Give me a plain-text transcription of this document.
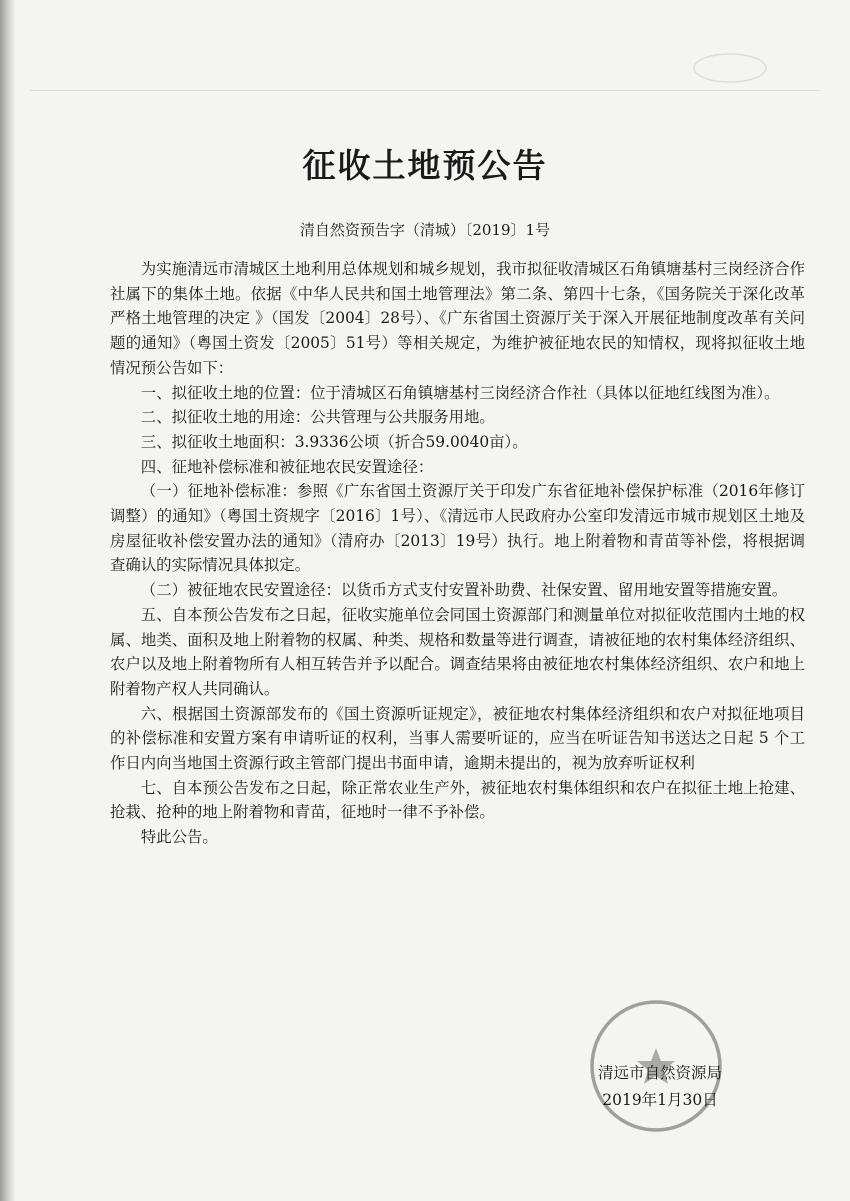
征收土地预公告
清自然资预告字（清城）〔2019〕1号

为实施清远市清城区土地利用总体规划和城乡规划，我市拟征收清城区石角镇塘基村三岗经济合作社属下的集体土地。依据《中华人民共和国土地管理法》第二条、第四十七条，《国务院关于深化改革严格土地管理的决定 》（国发〔2004〕28号）、《广东省国土资源厅关于深入开展征地制度改革有关问题的通知》（粤国土资发〔2005〕51号）等相关规定，为维护被征地农民的知情权，现将拟征收土地情况预公告如下：

一、拟征收土地的位置：位于清城区石角镇塘基村三岗经济合作社（具体以征地红线图为准）。

二、拟征收土地的用途：公共管理与公共服务用地。

三、拟征收土地面积：3.9336公顷（折合59.0040亩）。

四、征地补偿标准和被征地农民安置途径：

（一）征地补偿标准：参照《广东省国土资源厅关于印发广东省征地补偿保护标准（2016年修订调整）的通知》（粤国土资规字〔2016〕1号）、《清远市人民政府办公室印发清远市城市规划区土地及房屋征收补偿安置办法的通知》（清府办〔2013〕19号）执行。地上附着物和青苗等补偿，将根据调查确认的实际情况具体拟定。

（二）被征地农民安置途径：以货币方式支付安置补助费、社保安置、留用地安置等措施安置。

五、自本预公告发布之日起，征收实施单位会同国土资源部门和测量单位对拟征收范围内土地的权属、地类、面积及地上附着物的权属、种类、规格和数量等进行调查，请被征地的农村集体经济组织、农户以及地上附着物所有人相互转告并予以配合。调查结果将由被征地农村集体经济组织、农户和地上附着物产权人共同确认。

六、根据国土资源部发布的《国土资源听证规定》，被征地农村集体经济组织和农户对拟征地项目的补偿标准和安置方案有申请听证的权利，当事人需要听证的，应当在听证告知书送达之日起 5 个工作日内向当地国土资源行政主管部门提出书面申请，逾期未提出的，视为放弃听证权利

七、自本预公告发布之日起，除正常农业生产外，被征地农村集体组织和农户在拟征土地上抢建、抢栽、抢种的地上附着物和青苗，征地时一律不予补偿。

特此公告。

清远市自然资源局
2019年1月30日
